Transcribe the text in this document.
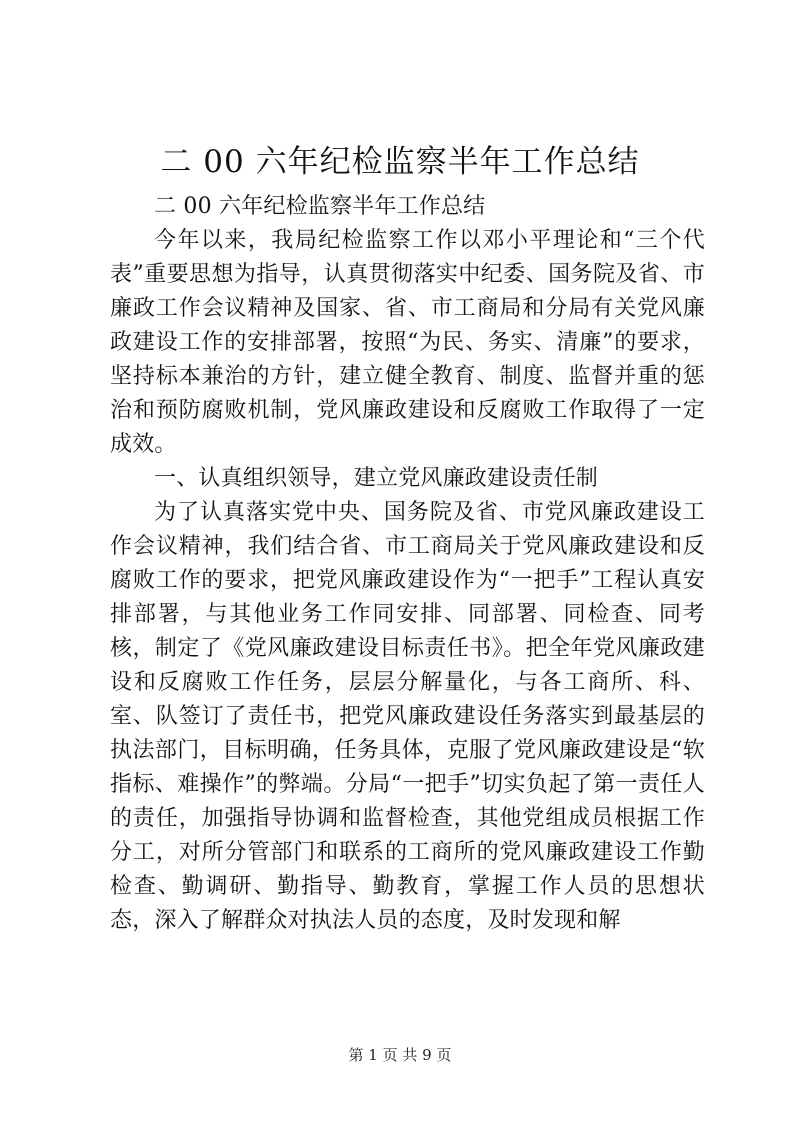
二 00 六年纪检监察半年工作总结

二 00 六年纪检监察半年工作总结

今年以来，我局纪检监察工作以邓小平理论和“三个代表”重要思想为指导，认真贯彻落实中纪委、国务院及省、市廉政工作会议精神及国家、省、市工商局和分局有关党风廉政建设工作的安排部署，按照“为民、务实、清廉”的要求，坚持标本兼治的方针，建立健全教育、制度、监督并重的惩治和预防腐败机制，党风廉政建设和反腐败工作取得了一定成效。

一、认真组织领导，建立党风廉政建设责任制

为了认真落实党中央、国务院及省、市党风廉政建设工作会议精神，我们结合省、市工商局关于党风廉政建设和反腐败工作的要求，把党风廉政建设作为“一把手”工程认真安排部署，与其他业务工作同安排、同部署、同检查、同考核，制定了《党风廉政建设目标责任书》。把全年党风廉政建设和反腐败工作任务，层层分解量化，与各工商所、科、室、队签订了责任书，把党风廉政建设任务落实到最基层的执法部门，目标明确，任务具体，克服了党风廉政建设是“软指标、难操作”的弊端。分局“一把手”切实负起了第一责任人的责任，加强指导协调和监督检查，其他党组成员根据工作分工，对所分管部门和联系的工商所的党风廉政建设工作勤检查、勤调研、勤指导、勤教育，掌握工作人员的思想状态，深入了解群众对执法人员的态度，及时发现和解

第 1 页 共 9 页
